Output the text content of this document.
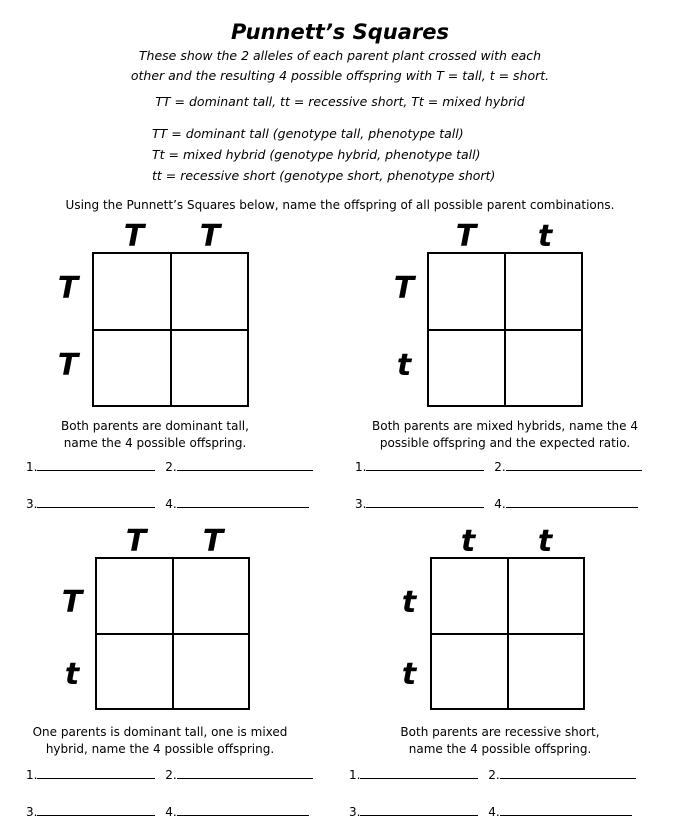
Punnett’s Squares
These show the 2 alleles of each parent plant crossed with each
other and the resulting 4 possible offspring with T = tall, t = short.
TT = dominant tall, tt = recessive short, Tt = mixed hybrid
TT = dominant tall (genotype tall, phenotype tall)
Tt = mixed hybrid (genotype hybrid, phenotype tall)
tt = recessive short (genotype short, phenotype short)
Using the Punnett’s Squares below, name the offspring of all possible parent combinations.
T	T
T
T
Both parents are dominant tall,
name the 4 possible offspring.
1.	2.
3.	4.
T	t
T
t
Both parents are mixed hybrids, name the 4
possible offspring and the expected ratio.
1.	2.
3.	4.
T	T
T
t
One parents is dominant tall, one is mixed
hybrid, name the 4 possible offspring.
1.	2.
3.	4.
t	t
t
t
Both parents are recessive short,
name the 4 possible offspring.
1.	2.
3.	4.
